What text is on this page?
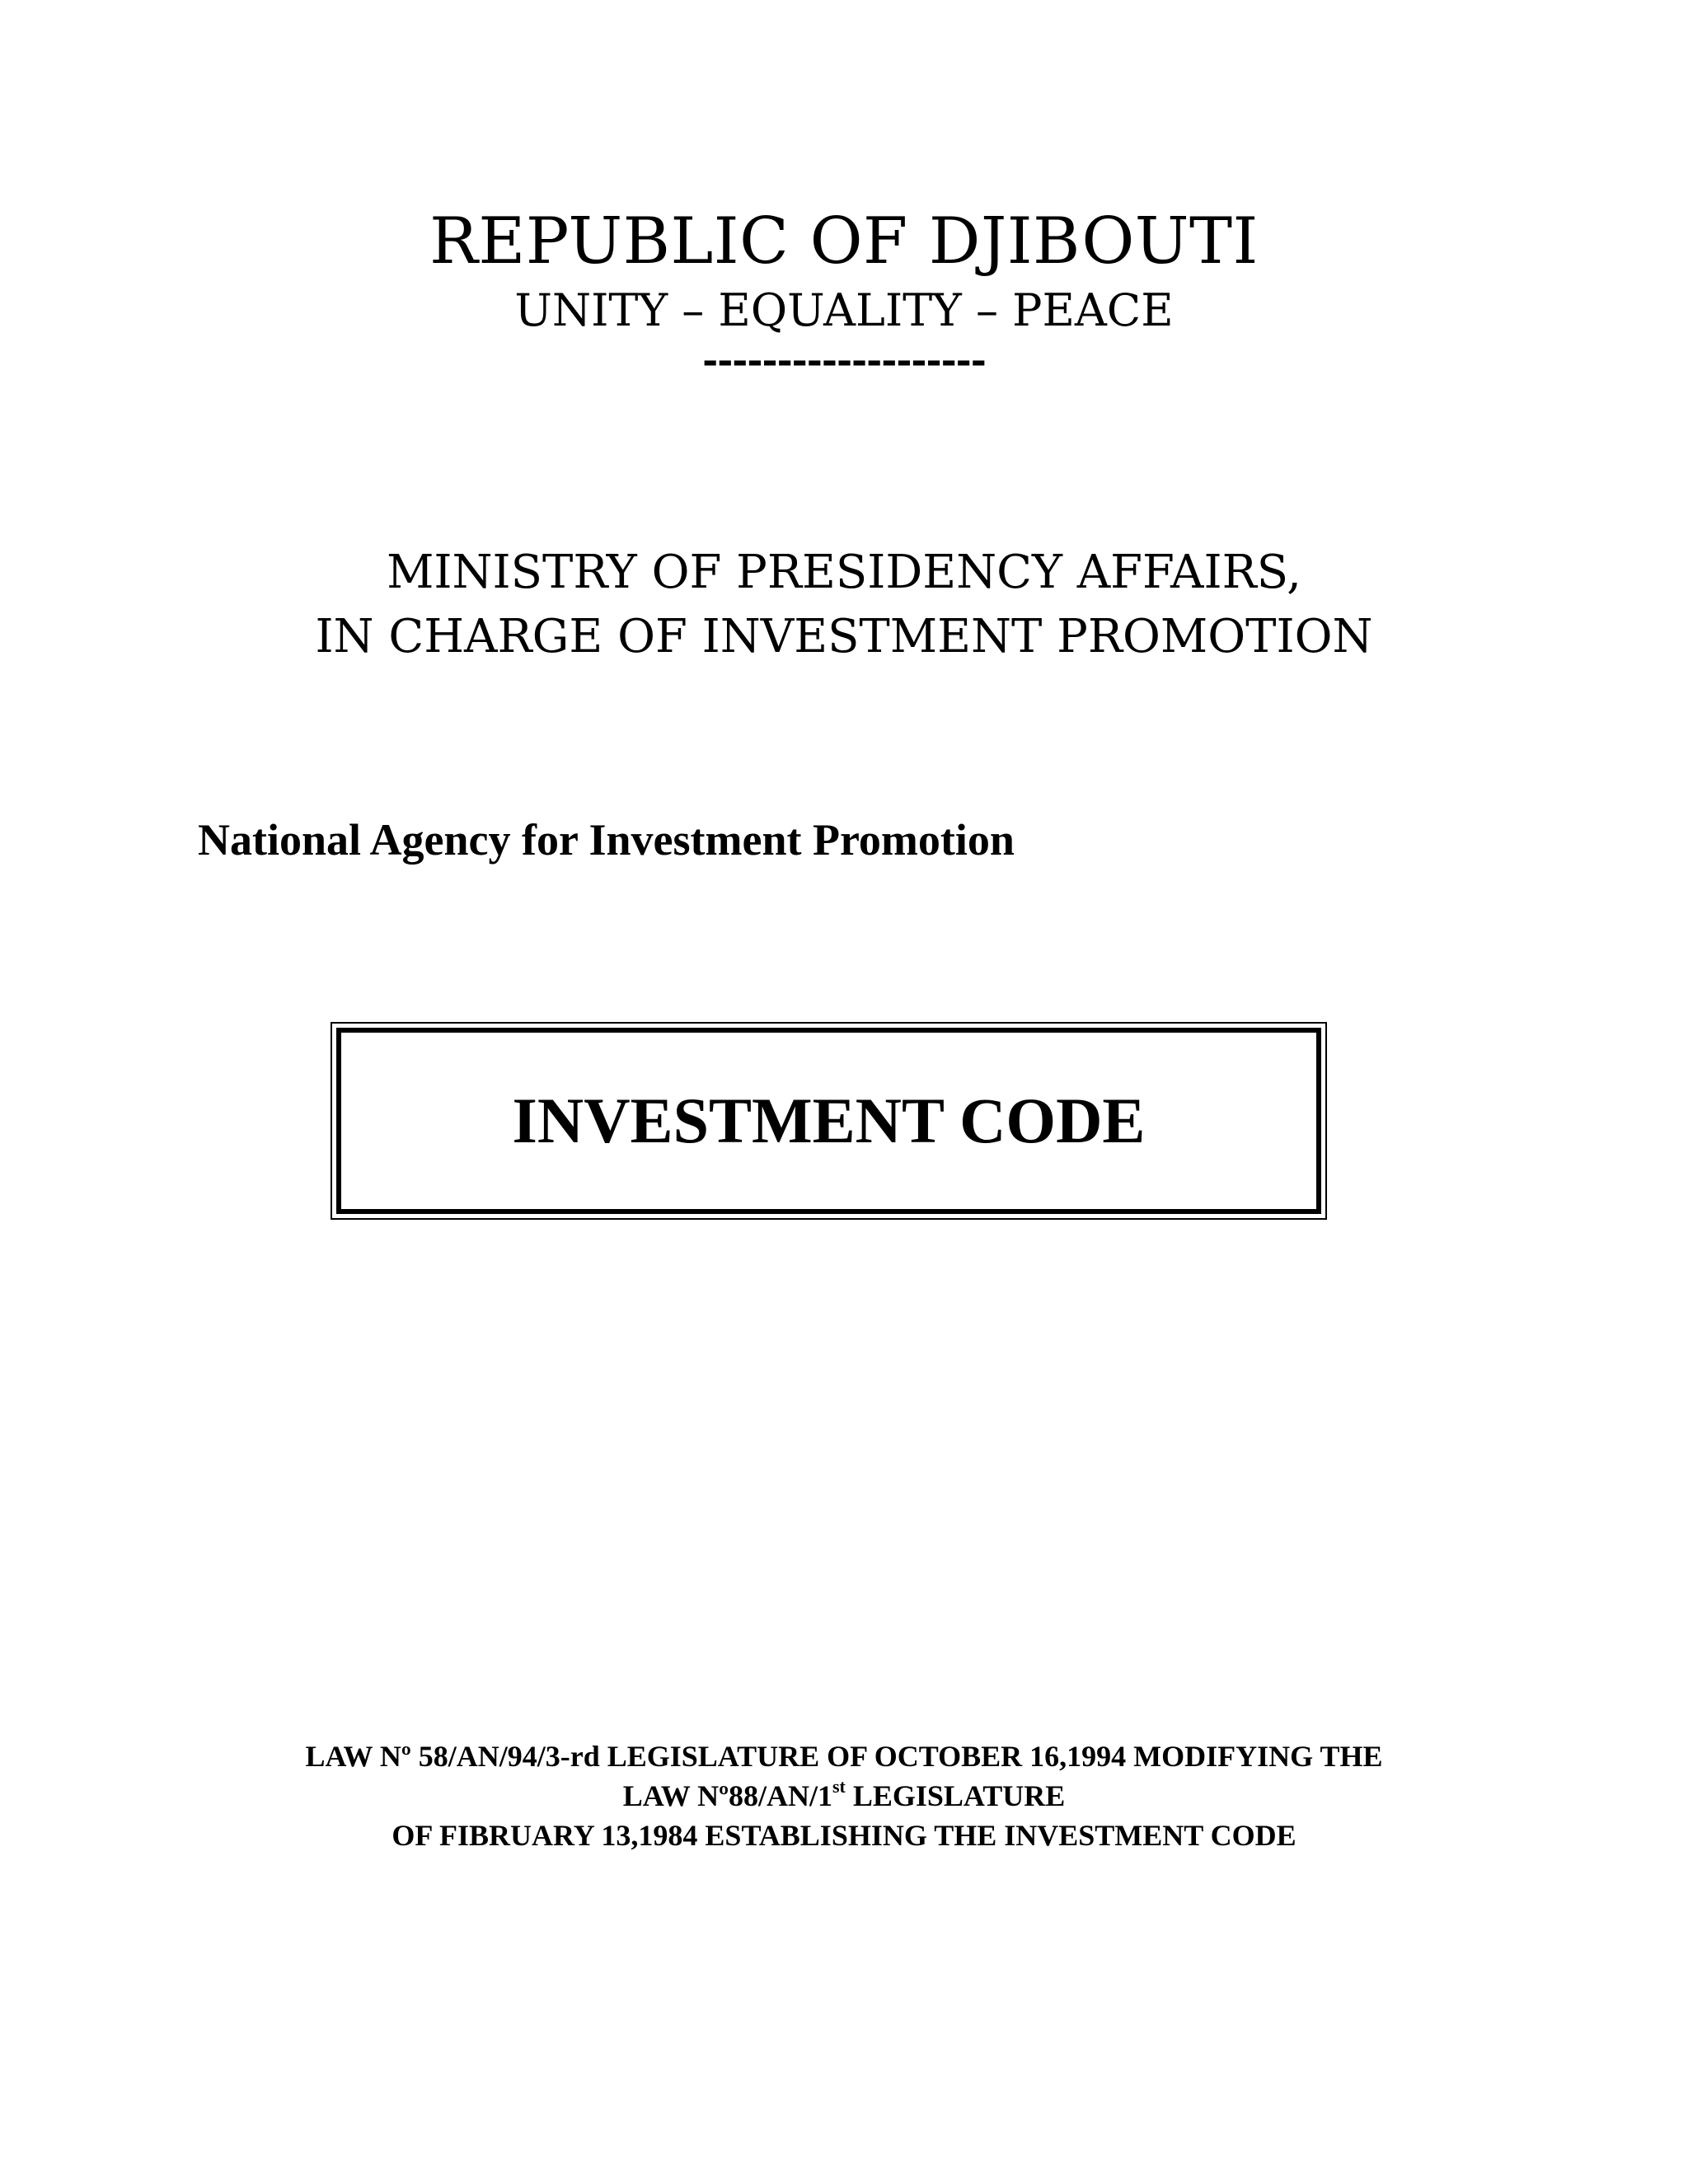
REPUBLIC OF DJIBOUTI
UNITY – EQUALITY – PEACE
-------------------
MINISTRY OF PRESIDENCY AFFAIRS,
IN CHARGE OF INVESTMENT PROMOTION
National Agency for Investment Promotion
INVESTMENT CODE
LAW Nº 58/AN/94/3-rd LEGISLATURE OF OCTOBER 16,1994 MODIFYING THE
LAW Nº88/AN/1st LEGISLATURE
OF FIBRUARY 13,1984 ESTABLISHING THE INVESTMENT CODE
